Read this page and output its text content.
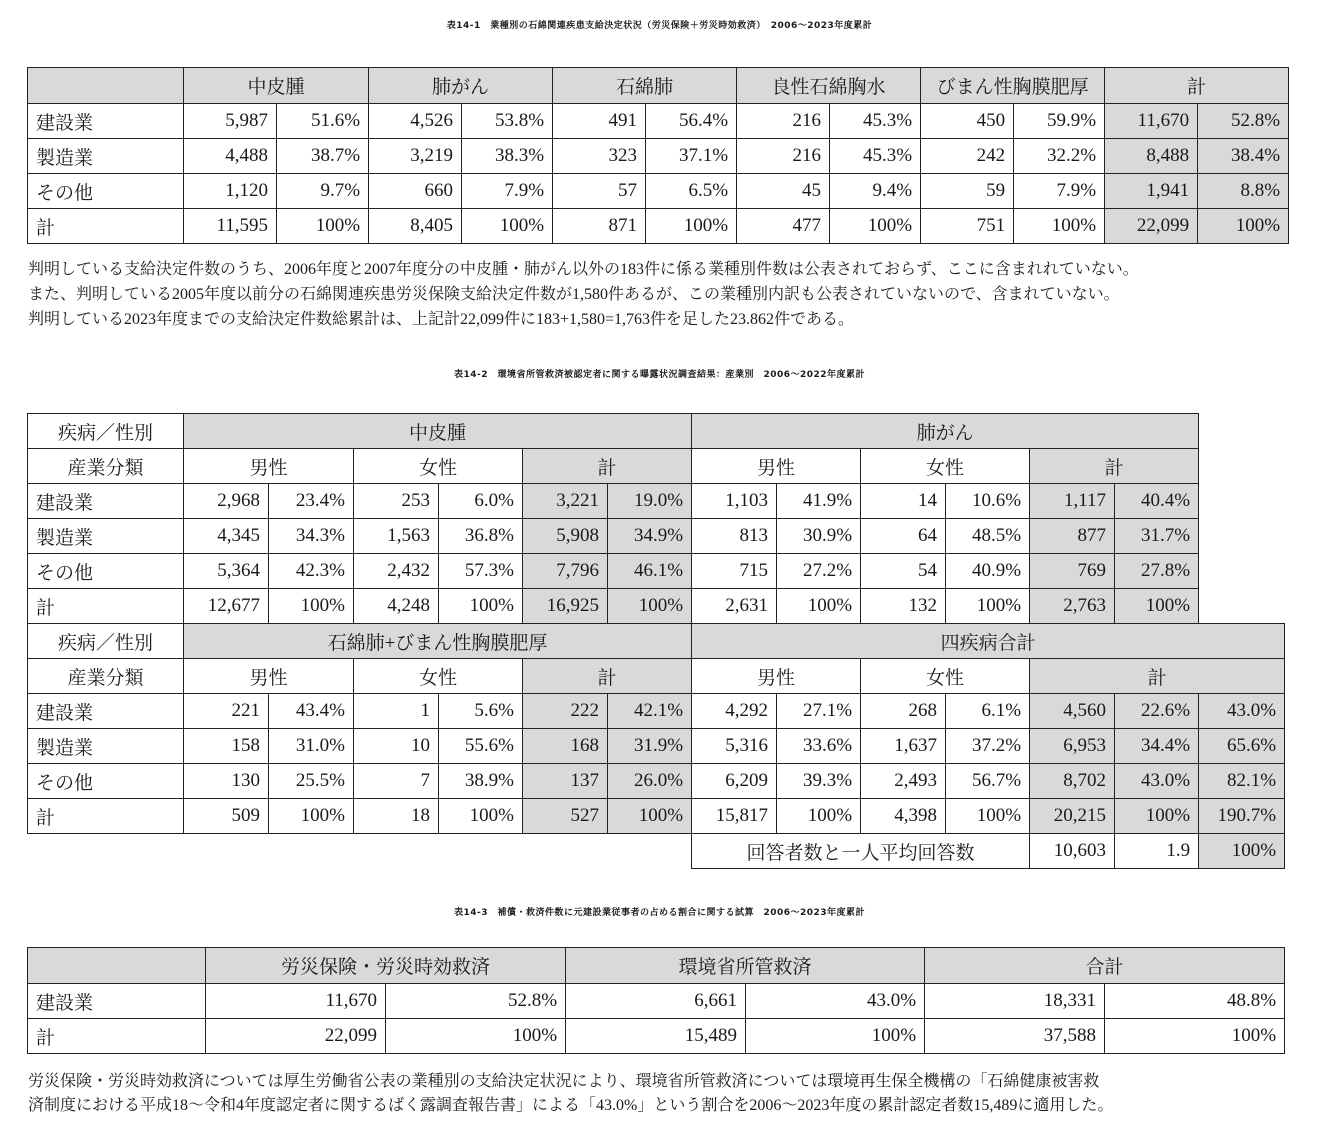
表14-1　業種別の石綿関連疾患支給決定状況（労災保険＋労災時効救済）　2006～2023年度累計
	中皮腫		肺がん		石綿肺		良性石綿胸水		びまん性胸膜肥厚		計	
建設業	5,987	51.6%	4,526	53.8%	491	56.4%	216	45.3%	450	59.9%	11,670	52.8%
製造業	4,488	38.7%	3,219	38.3%	323	37.1%	216	45.3%	242	32.2%	8,488	38.4%
その他	1,120	9.7%	660	7.9%	57	6.5%	45	9.4%	59	7.9%	1,941	8.8%
計	11,595	100%	8,405	100%	871	100%	477	100%	751	100%	22,099	100%
判明している支給決定件数のうち、2006年度と2007年度分の中皮腫・肺がん以外の183件に係る業種別件数は公表されておらず、ここに含まれれていない。
また、判明している2005年度以前分の石綿関連疾患労災保険支給決定件数が1,580件あるが、この業種別内訳も公表されていないので、含まれていない。
判明している2023年度までの支給決定件数総累計は、上記計22,099件に183+1,580=1,763件を足した23.862件である。
表14-2　環境省所管救済被認定者に関する曝露状況調査結果：産業別　2006～2022年度累計
疾病／性別	中皮腫						肺がん						
産業分類	男性		女性		計		男性		女性		計		
建設業	2,968	23.4%	253	6.0%	3,221	19.0%	1,103	41.9%	14	10.6%	1,117	40.4%	
製造業	4,345	34.3%	1,563	36.8%	5,908	34.9%	813	30.9%	64	48.5%	877	31.7%	
その他	5,364	42.3%	2,432	57.3%	7,796	46.1%	715	27.2%	54	40.9%	769	27.8%	
計	12,677	100%	4,248	100%	16,925	100%	2,631	100%	132	100%	2,763	100%	
疾病／性別	石綿肺+びまん性胸膜肥厚						四疾病合計						
産業分類	男性		女性		計		男性		女性		計		
建設業	221	43.4%	1	5.6%	222	42.1%	4,292	27.1%	268	6.1%	4,560	22.6%	43.0%
製造業	158	31.0%	10	55.6%	168	31.9%	5,316	33.6%	1,637	37.2%	6,953	34.4%	65.6%
その他	130	25.5%	7	38.9%	137	26.0%	6,209	39.3%	2,493	56.7%	8,702	43.0%	82.1%
計	509	100%	18	100%	527	100%	15,817	100%	4,398	100%	20,215	100%	190.7%
							回答者数と一人平均回答数				10,603	1.9	100%
表14-3　補償・救済件数に元建設業従事者の占める割合に関する試算　2006～2023年度累計
	労災保険・労災時効救済		環境省所管救済		合計	
建設業	11,670	52.8%	6,661	43.0%	18,331	48.8%
計	22,099	100%	15,489	100%	37,588	100%
労災保険・労災時効救済については厚生労働省公表の業種別の支給決定状況により、環境省所管救済については環境再生保全機構の「石綿健康被害救
済制度における平成18～令和4年度認定者に関するばく露調査報告書」による「43.0%」という割合を2006～2023年度の累計認定者数15,489に適用した。
